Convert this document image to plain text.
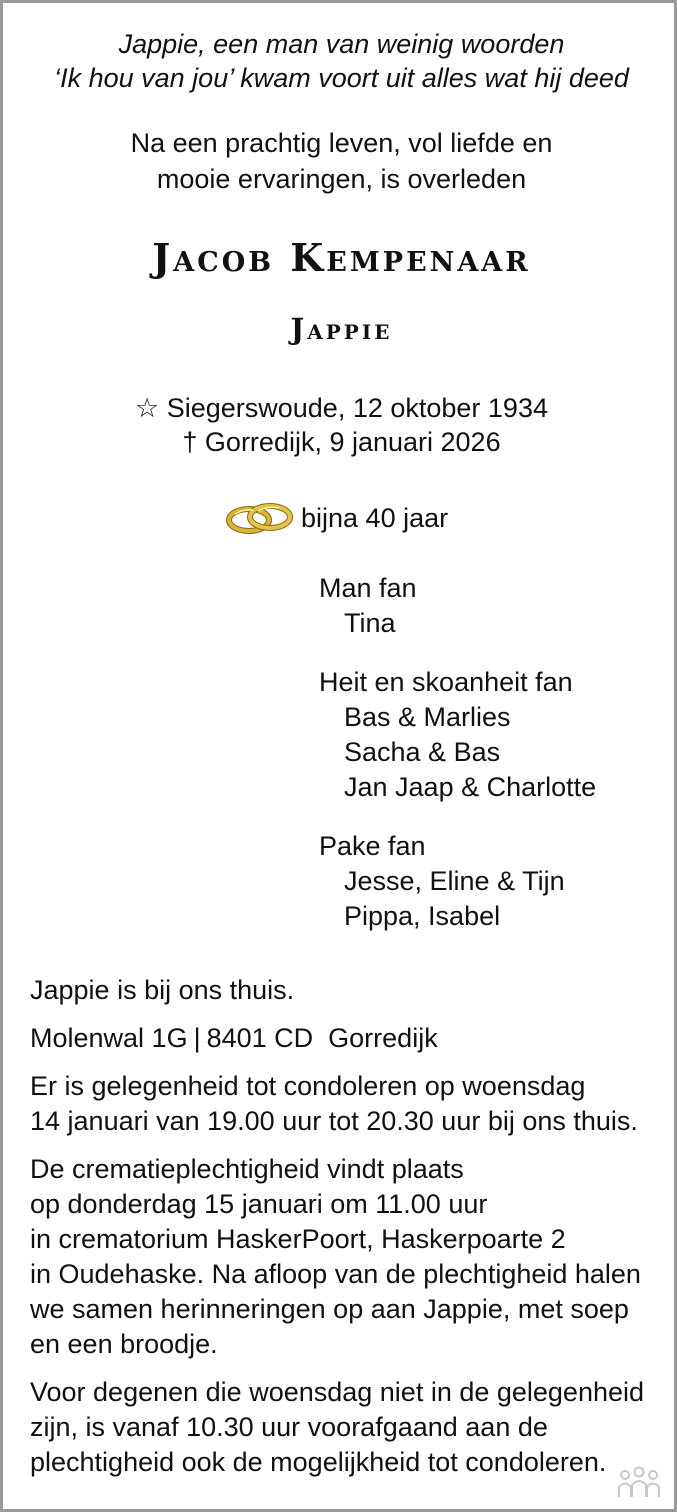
Jappie, een man van weinig woorden
‘Ik hou van jou’ kwam voort uit alles wat hij deed
Na een prachtig leven, vol liefde en
mooie ervaringen, is overleden
Jacob Kempenaar
Jappie
☆ Siegerswoude, 12 oktober 1934
† Gorredijk, 9 januari 2026
bijna 40 jaar
Man fan
Tina
Heit en skoanheit fan
Bas & Marlies
Sacha & Bas
Jan Jaap & Charlotte
Pake fan
Jesse, Eline & Tijn
Pippa, Isabel

Jappie is bij ons thuis.

Molenwal 1G | 8401 CD  Gorredijk

Er is gelegenheid tot condoleren op woensdag
14 januari van 19.00 uur tot 20.30 uur bij ons thuis.

De crematieplechtigheid vindt plaats
op donderdag 15 januari om 11.00 uur
in crematorium HaskerPoort, Haskerpoarte 2
in Oudehaske. Na afloop van de plechtigheid halen
we samen herinneringen op aan Jappie, met soep
en een broodje.

Voor degenen die woensdag niet in de gelegenheid
zijn, is vanaf 10.30 uur voorafgaand aan de
plechtigheid ook de mogelijkheid tot condoleren.
